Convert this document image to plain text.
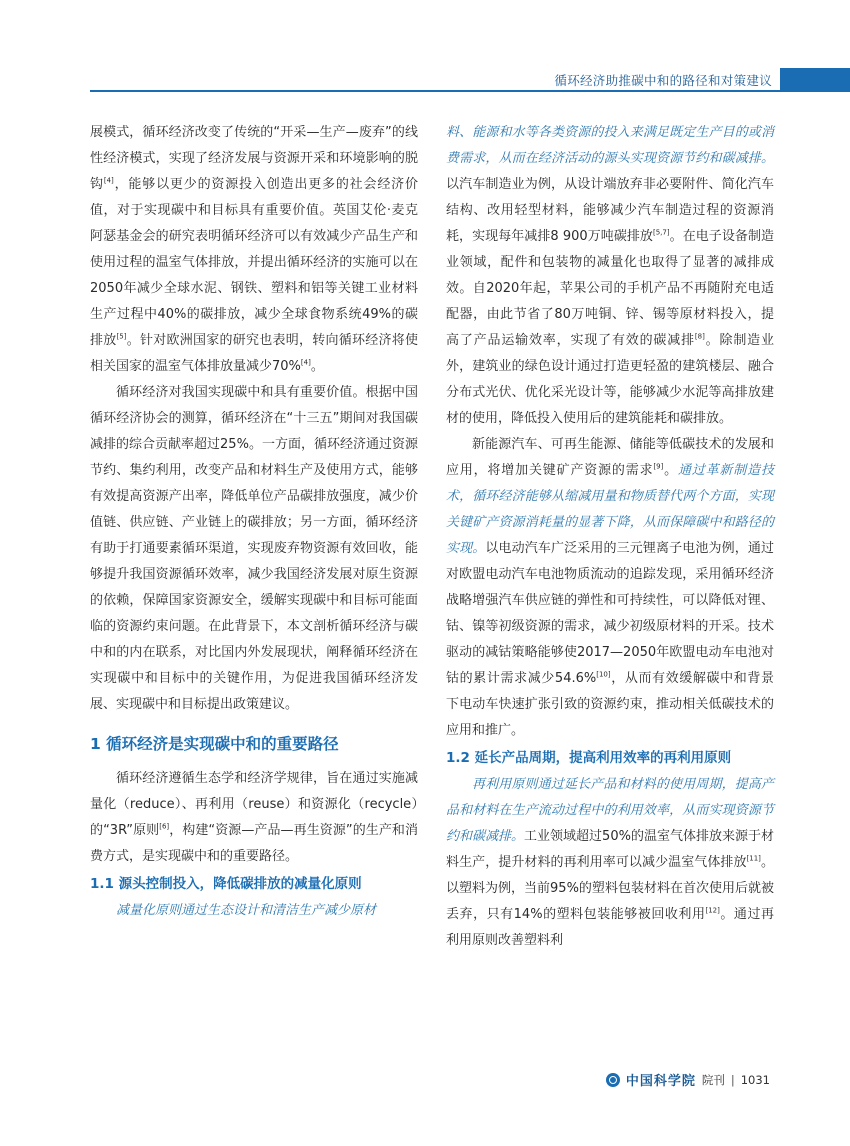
循环经济助推碳中和的路径和对策建议

展模式，循环经济改变了传统的“开采—生产—废弃”的线性经济模式，实现了经济发展与资源开采和环境影响的脱钩[4]，能够以更少的资源投入创造出更多的社会经济价值，对于实现碳中和目标具有重要价值。英国艾伦·麦克阿瑟基金会的研究表明循环经济可以有效减少产品生产和使用过程的温室气体排放，并提出循环经济的实施可以在2050年减少全球水泥、钢铁、塑料和铝等关键工业材料生产过程中40%的碳排放，减少全球食物系统49%的碳排放[5]。针对欧洲国家的研究也表明，转向循环经济将使相关国家的温室气体排放量减少70%[4]。

循环经济对我国实现碳中和具有重要价值。根据中国循环经济协会的测算，循环经济在“十三五”期间对我国碳减排的综合贡献率超过25%。一方面，循环经济通过资源节约、集约利用，改变产品和材料生产及使用方式，能够有效提高资源产出率，降低单位产品碳排放强度，减少价值链、供应链、产业链上的碳排放；另一方面，循环经济有助于打通要素循环渠道，实现废弃物资源有效回收，能够提升我国资源循环效率，减少我国经济发展对原生资源的依赖，保障国家资源安全，缓解实现碳中和目标可能面临的资源约束问题。在此背景下，本文剖析循环经济与碳中和的内在联系，对比国内外发展现状，阐释循环经济在实现碳中和目标中的关键作用，为促进我国循环经济发展、实现碳中和目标提出政策建议。

1 循环经济是实现碳中和的重要路径

循环经济遵循生态学和经济学规律，旨在通过实施减量化（reduce）、再利用（reuse）和资源化（recycle）的“3R”原则[6]，构建“资源—产品—再生资源”的生产和消费方式，是实现碳中和的重要路径。

1.1 源头控制投入，降低碳排放的减量化原则

减量化原则通过生态设计和清洁生产减少原材

料、能源和水等各类资源的投入来满足既定生产目的或消费需求，从而在经济活动的源头实现资源节约和碳减排。以汽车制造业为例，从设计端放弃非必要附件、简化汽车结构、改用轻型材料，能够减少汽车制造过程的资源消耗，实现每年减排8 900万吨碳排放[5,7]。在电子设备制造业领域，配件和包装物的减量化也取得了显著的减排成效。自2020年起，苹果公司的手机产品不再随附充电适配器，由此节省了80万吨铜、锌、锡等原材料投入，提高了产品运输效率，实现了有效的碳减排[8]。除制造业外，建筑业的绿色设计通过打造更轻盈的建筑楼层、融合分布式光伏、优化采光设计等，能够减少水泥等高排放建材的使用，降低投入使用后的建筑能耗和碳排放。

新能源汽车、可再生能源、储能等低碳技术的发展和应用，将增加关键矿产资源的需求[9]。通过革新制造技术，循环经济能够从缩减用量和物质替代两个方面，实现关键矿产资源消耗量的显著下降，从而保障碳中和路径的实现。以电动汽车广泛采用的三元锂离子电池为例，通过对欧盟电动汽车电池物质流动的追踪发现，采用循环经济战略增强汽车供应链的弹性和可持续性，可以降低对锂、钴、镍等初级资源的需求，减少初级原材料的开采。技术驱动的减钴策略能够使2017—2050年欧盟电动车电池对钴的累计需求减少54.6%[10]，从而有效缓解碳中和背景下电动车快速扩张引致的资源约束，推动相关低碳技术的应用和推广。

1.2 延长产品周期，提高利用效率的再利用原则

再利用原则通过延长产品和材料的使用周期，提高产品和材料在生产流动过程中的利用效率，从而实现资源节约和碳减排。工业领域超过50%的温室气体排放来源于材料生产，提升材料的再利用率可以减少温室气体排放[11]。以塑料为例，当前95%的塑料包装材料在首次使用后就被丢弃，只有14%的塑料包装能够被回收利用[12]。通过再利用原则改善塑料利

中国科学院 院刊 | 1031
